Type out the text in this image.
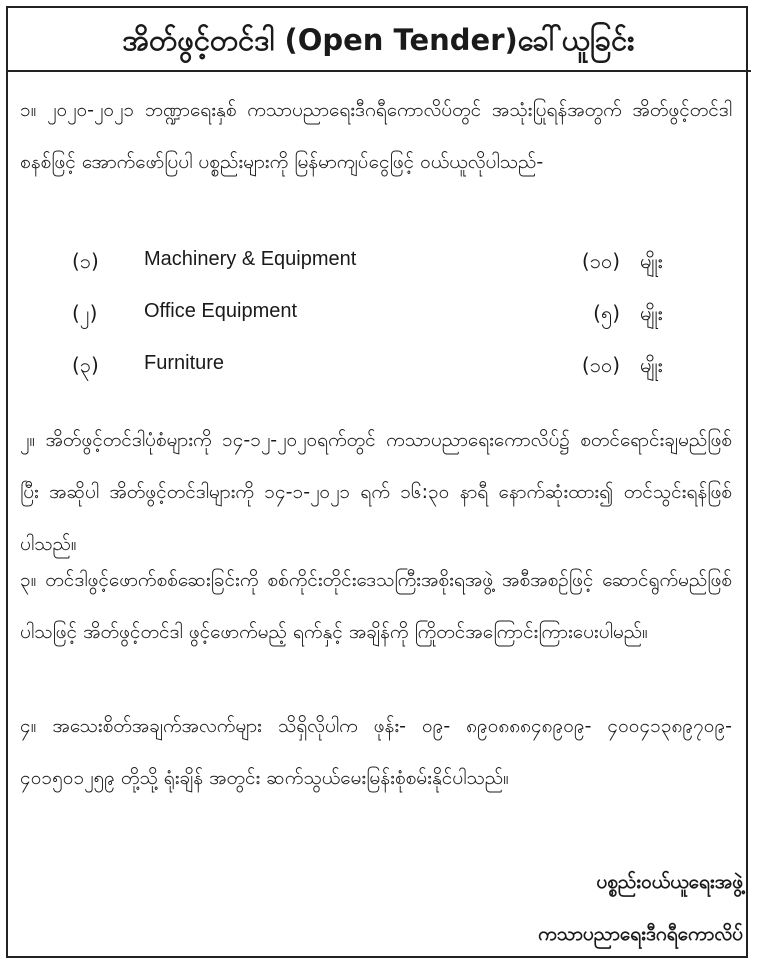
အိတ်ဖွင့်တင်ဒါ (Open Tender)ခေါ်ယူခြင်း

၁။ ၂၀၂၀-၂၀၂၁ ဘဏ္ဍာရေးနှစ် ကသာပညာရေးဒီဂရီကောလိပ်တွင် အသုံးပြုရန်အတွက် အိတ်ဖွင့်တင်ဒါစနစ်ဖြင့် အောက်ဖော်ပြပါ ပစ္စည်းများကို မြန်မာကျပ်ငွေဖြင့် ဝယ်ယူလိုပါသည်-

(၁) Machinery & Equipment	(၁၀) မျိုး
(၂) Office Equipment	(၅) မျိုး
(၃) Furniture	(၁၀) မျိုး

၂။ အိတ်ဖွင့်တင်ဒါပုံစံများကို ၁၄-၁၂-၂၀၂၀ရက်တွင် ကသာပညာရေးကောလိပ်၌ စတင်ရောင်းချမည်ဖြစ်ပြီး အဆိုပါ အိတ်ဖွင့်တင်ဒါများကို ၁၄-၁-၂၀၂၁ ရက် ၁၆:၃၀ နာရီ နောက်ဆုံးထား၍ တင်သွင်းရန်ဖြစ်ပါသည်။

၃။ တင်ဒါဖွင့်ဖောက်စစ်ဆေးခြင်းကို စစ်ကိုင်းတိုင်းဒေသကြီးအစိုးရအဖွဲ့ အစီအစဉ်ဖြင့် ဆောင်ရွက်မည်ဖြစ်ပါသဖြင့် အိတ်ဖွင့်တင်ဒါ ဖွင့်ဖောက်မည့် ရက်နှင့် အချိန်ကို ကြိုတင်အကြောင်းကြားပေးပါမည်။

၄။ အသေးစိတ်အချက်အလက်များ သိရှိလိုပါက ဖုန်း- ၀၉- ၈၉၀၈၈၈၄၈၉၀၉- ၄၀၀၄၁၃၈၉၇၀၉- ၄၀၁၅၀၁၂၅၉ တို့သို့ ရုံးချိန် အတွင်း ဆက်သွယ်မေးမြန်းစုံစမ်းနိုင်ပါသည်။

ပစ္စည်းဝယ်ယူရေးအဖွဲ့
ကသာပညာရေးဒီဂရီကောလိပ်
